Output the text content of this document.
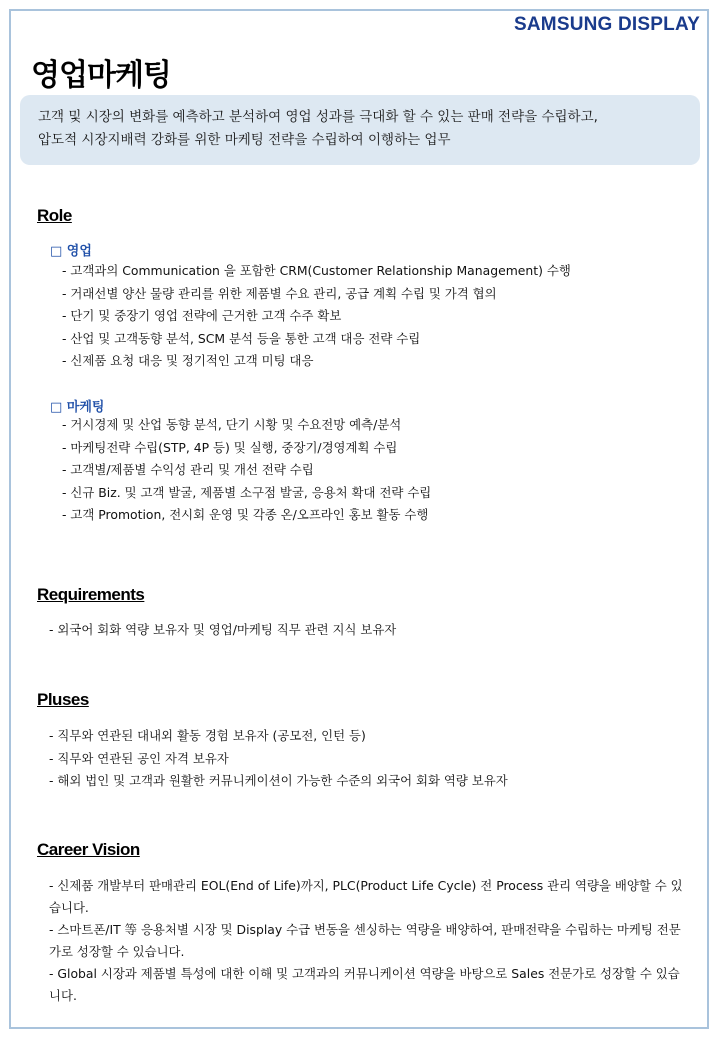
SAMSUNG DISPLAY
영업마케팅
고객 및 시장의 변화를 예측하고 분석하여 영업 성과를 극대화 할 수 있는 판매 전략을 수립하고,
압도적 시장지배력 강화를 위한 마케팅 전략을 수립하여 이행하는 업무
Role
□ 영업
- 고객과의 Communication 을 포함한 CRM(Customer Relationship Management) 수행
- 거래선별 양산 물량 관리를 위한 제품별 수요 관리, 공급 계획 수립 및 가격 협의
- 단기 및 중장기 영업 전략에 근거한 고객 수주 확보
- 산업 및 고객동향 분석, SCM 분석 등을 통한 고객 대응 전략 수립
- 신제품 요청 대응 및 정기적인 고객 미팅 대응
□ 마케팅
- 거시경제 및 산업 동향 분석, 단기 시황 및 수요전망 예측/분석
- 마케팅전략 수립(STP, 4P 등) 및 실행, 중장기/경영계획 수립
- 고객별/제품별 수익성 관리 및 개선 전략 수립
- 신규 Biz. 및 고객 발굴, 제품별 소구점 발굴, 응용처 확대 전략 수립
- 고객 Promotion, 전시회 운영 및 각종 온/오프라인 홍보 활동 수행
Requirements
- 외국어 회화 역량 보유자 및 영업/마케팅 직무 관련 지식 보유자
Pluses
- 직무와 연관된 대내외 활동 경험 보유자 (공모전, 인턴 등)
- 직무와 연관된 공인 자격 보유자
- 해외 법인 및 고객과 원활한 커뮤니케이션이 가능한 수준의 외국어 회화 역량 보유자
Career Vision
- 신제품 개발부터 판매관리 EOL(End of Life)까지, PLC(Product Life Cycle) 전 Process 관리 역량을 배양할 수 있습니다.
- 스마트폰/IT 等 응용처별 시장 및 Display 수급 변동을 센싱하는 역량을 배양하여, 판매전략을 수립하는 마케팅 전문가로 성장할 수 있습니다.
- Global 시장과 제품별 특성에 대한 이해 및 고객과의 커뮤니케이션 역량을 바탕으로 Sales 전문가로 성장할 수 있습니다.
